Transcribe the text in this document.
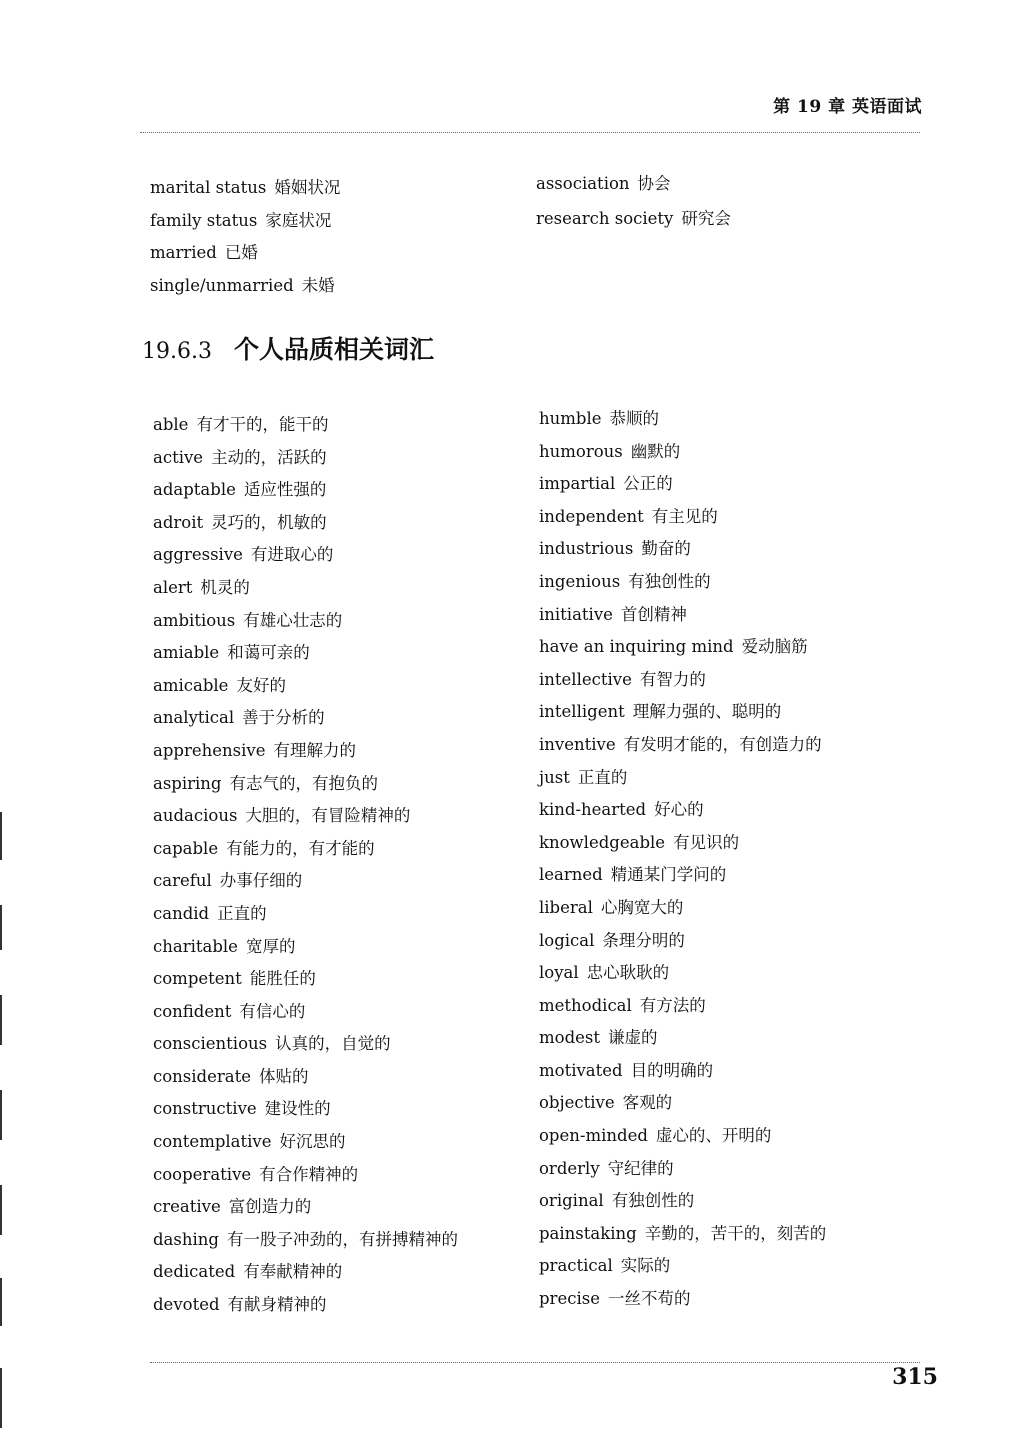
第 19 章 英语面试
marital status 婚姻状况
family status 家庭状况
married 已婚
single/unmarried 未婚
association 协会
research society 研究会
19.6.3 个人品质相关词汇
able 有才干的，能干的
active 主动的，活跃的
adaptable 适应性强的
adroit 灵巧的，机敏的
aggressive 有进取心的
alert 机灵的
ambitious 有雄心壮志的
amiable 和蔼可亲的
amicable 友好的
analytical 善于分析的
apprehensive 有理解力的
aspiring 有志气的，有抱负的
audacious 大胆的，有冒险精神的
capable 有能力的，有才能的
careful 办事仔细的
candid 正直的
charitable 宽厚的
competent 能胜任的
confident 有信心的
conscientious 认真的，自觉的
considerate 体贴的
constructive 建设性的
contemplative 好沉思的
cooperative 有合作精神的
creative 富创造力的
dashing 有一股子冲劲的，有拼搏精神的
dedicated 有奉献精神的
devoted 有献身精神的
humble 恭顺的
humorous 幽默的
impartial 公正的
independent 有主见的
industrious 勤奋的
ingenious 有独创性的
initiative 首创精神
have an inquiring mind 爱动脑筋
intellective 有智力的
intelligent 理解力强的、聪明的
inventive 有发明才能的，有创造力的
just 正直的
kind-hearted 好心的
knowledgeable 有见识的
learned 精通某门学问的
liberal 心胸宽大的
logical 条理分明的
loyal 忠心耿耿的
methodical 有方法的
modest 谦虚的
motivated 目的明确的
objective 客观的
open-minded 虚心的、开明的
orderly 守纪律的
original 有独创性的
painstaking 辛勤的，苦干的，刻苦的
practical 实际的
precise 一丝不苟的
315
